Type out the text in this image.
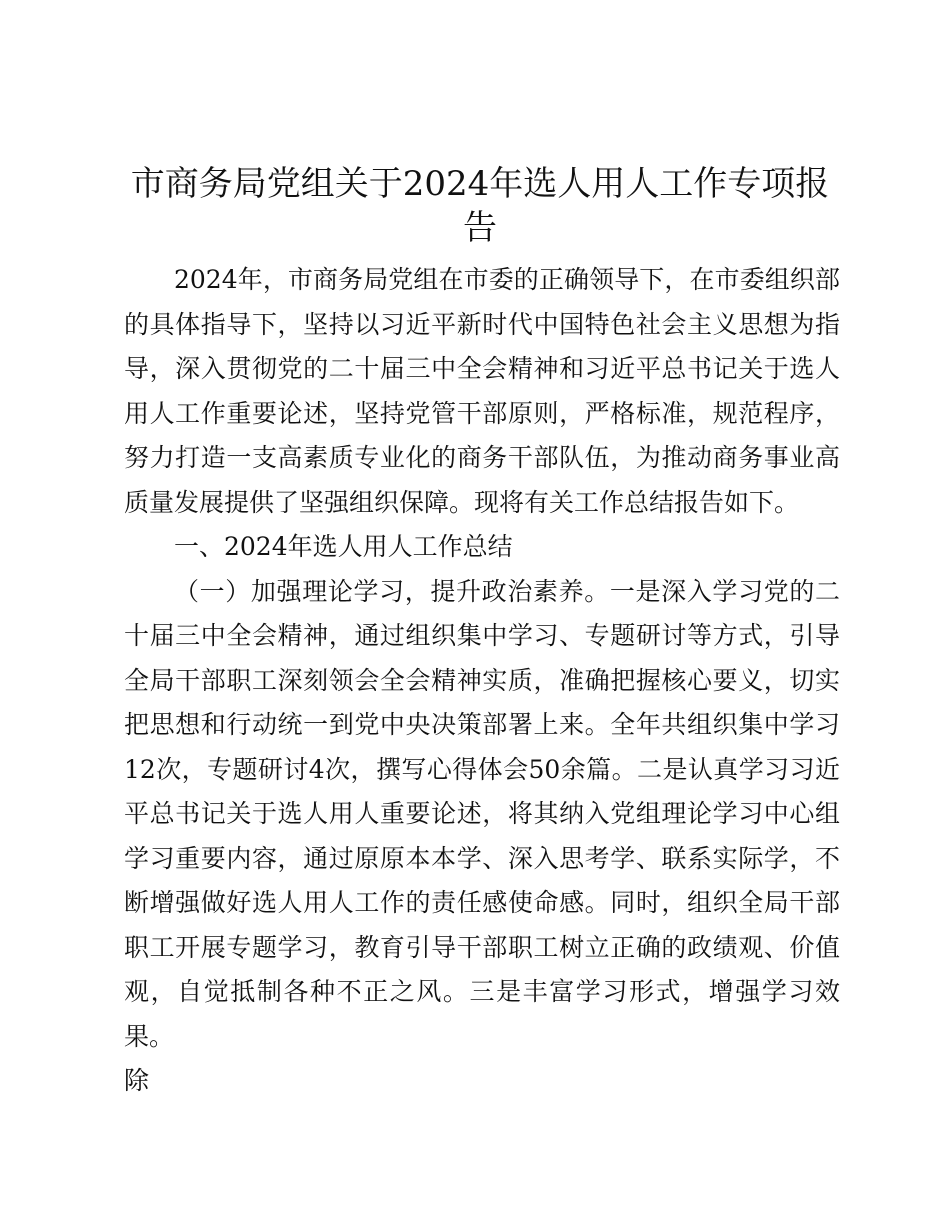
市商务局党组关于2024年选人用人工作专项报告

2024年，市商务局党组在市委的正确领导下，在市委组织部的具体指导下，坚持以习近平新时代中国特色社会主义思想为指导，深入贯彻党的二十届三中全会精神和习近平总书记关于选人用人工作重要论述，坚持党管干部原则，严格标准，规范程序，努力打造一支高素质专业化的商务干部队伍，为推动商务事业高质量发展提供了坚强组织保障。现将有关工作总结报告如下。

一、2024年选人用人工作总结

（一）加强理论学习，提升政治素养。一是深入学习党的二十届三中全会精神，通过组织集中学习、专题研讨等方式，引导全局干部职工深刻领会全会精神实质，准确把握核心要义，切实把思想和行动统一到党中央决策部署上来。全年共组织集中学习12次，专题研讨4次，撰写心得体会50余篇。二是认真学习习近平总书记关于选人用人重要论述，将其纳入党组理论学习中心组学习重要内容，通过原原本本学、深入思考学、联系实际学，不断增强做好选人用人工作的责任感使命感。同时，组织全局干部职工开展专题学习，教育引导干部职工树立正确的政绩观、价值观，自觉抵制各种不正之风。三是丰富学习形式，增强学习效果。

除
